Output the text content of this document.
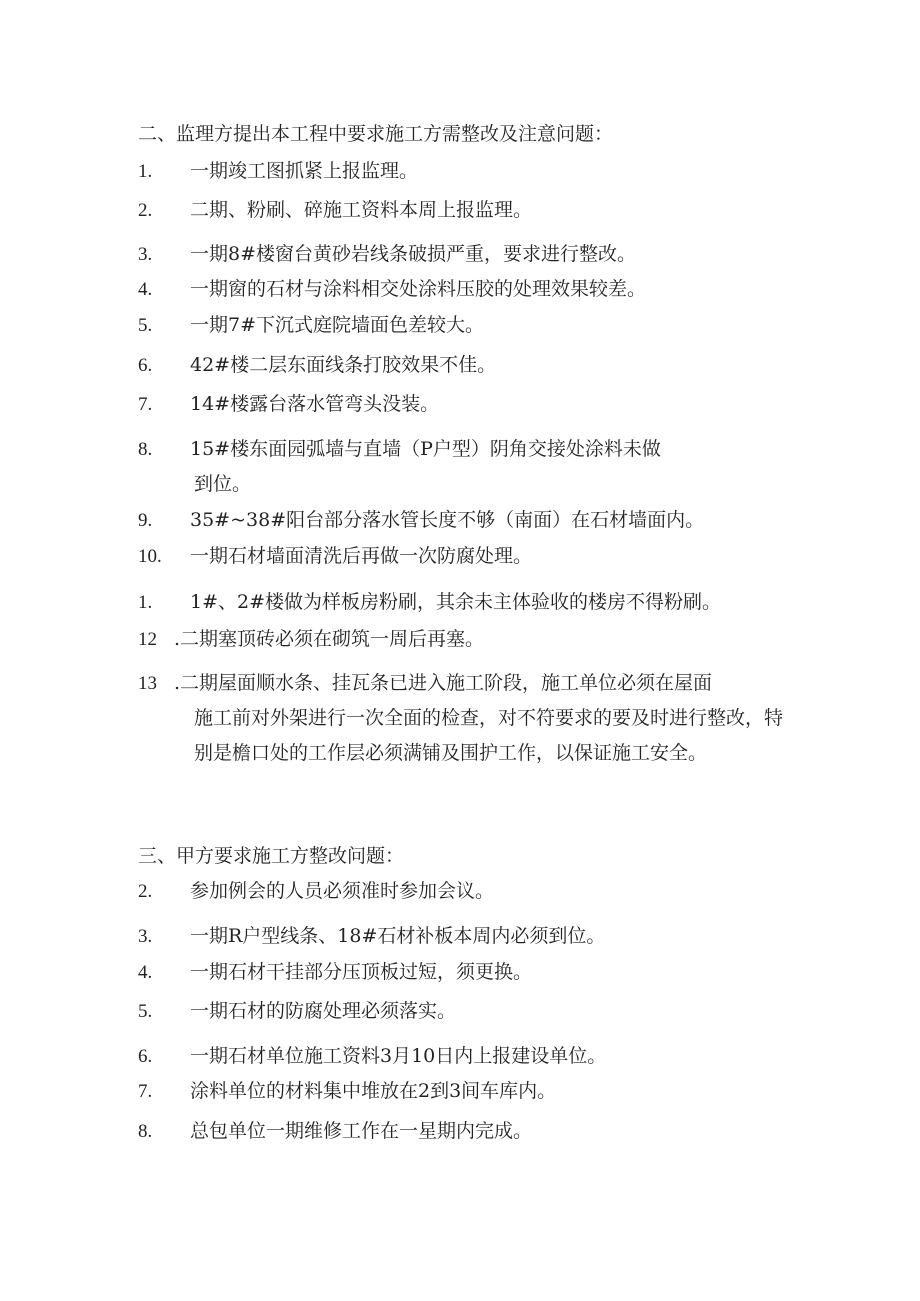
二、监理方提出本工程中要求施工方需整改及注意问题：
1. 一期竣工图抓紧上报监理。
2. 二期、粉刷、碎施工资料本周上报监理。
3. 一期8#楼窗台黄砂岩线条破损严重，要求进行整改。
4. 一期窗的石材与涂料相交处涂料压胶的处理效果较差。
5. 一期7#下沉式庭院墙面色差较大。
6. 42#楼二层东面线条打胶效果不佳。
7. 14#楼露台落水管弯头没装。
8. 15#楼东面园弧墙与直墙（P户型）阴角交接处涂料未做
到位。
9. 35#~38#阳台部分落水管长度不够（南面）在石材墙面内。
10. 一期石材墙面清洗后再做一次防腐处理。
1. 1#、2#楼做为样板房粉刷，其余未主体验收的楼房不得粉刷。
12 .二期塞顶砖必须在砌筑一周后再塞。
13 .二期屋面顺水条、挂瓦条已进入施工阶段，施工单位必须在屋面
施工前对外架进行一次全面的检查，对不符要求的要及时进行整改，特别是檐口处的工作层必须满铺及围护工作，以保证施工安全。
三、甲方要求施工方整改问题：
2. 参加例会的人员必须准时参加会议。
3. 一期R户型线条、18#石材补板本周内必须到位。
4. 一期石材干挂部分压顶板过短，须更换。
5. 一期石材的防腐处理必须落实。
6. 一期石材单位施工资料3月10日内上报建设单位。
7. 涂料单位的材料集中堆放在2到3间车库内。
8. 总包单位一期维修工作在一星期内完成。
